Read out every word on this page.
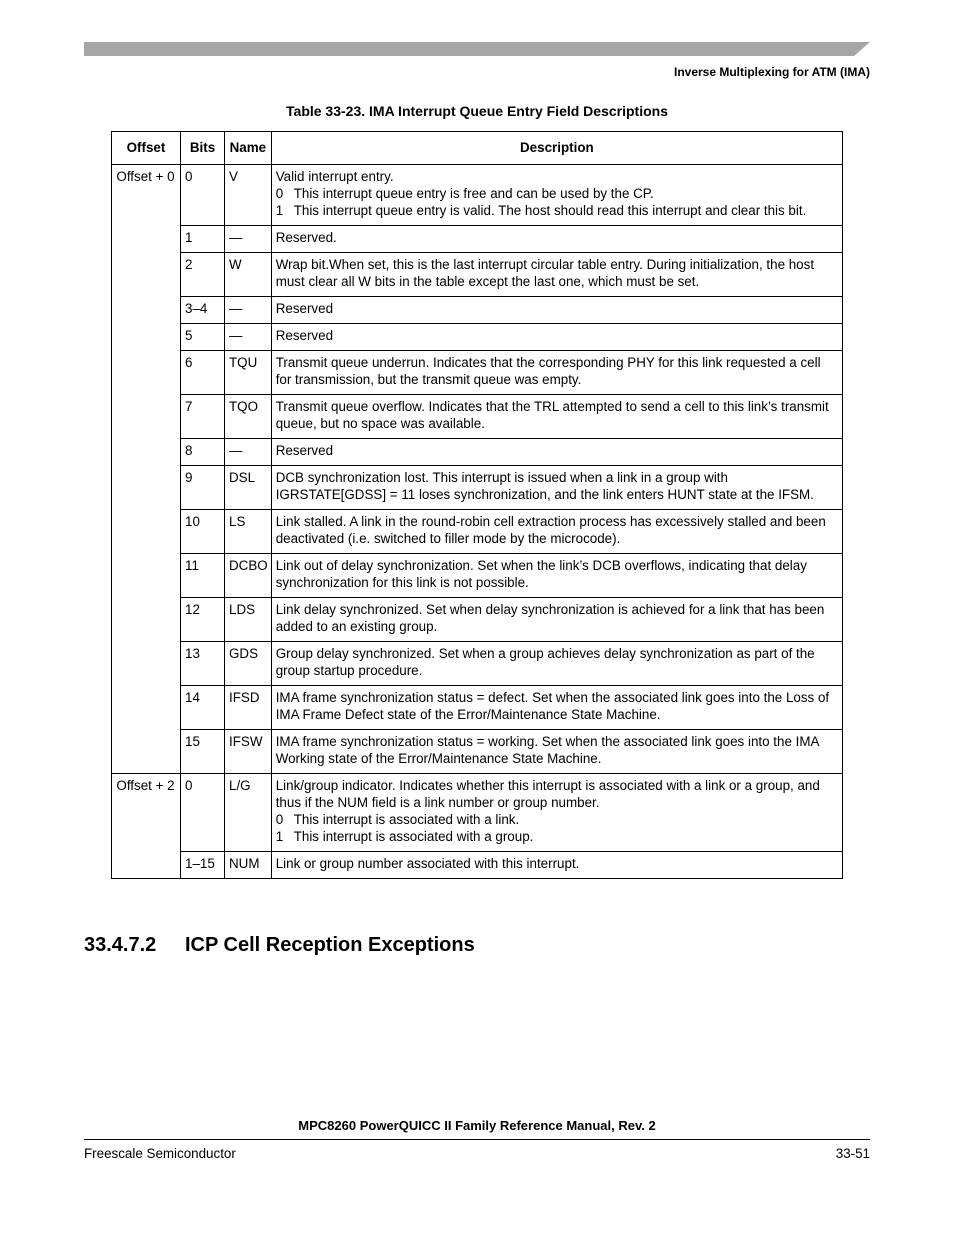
Inverse Multiplexing for ATM (IMA)
Table 33-23. IMA Interrupt Queue Entry Field Descriptions
Offset	Bits	Name	Description
Offset + 0	0	V	Valid interrupt entry.
0 This interrupt queue entry is free and can be used by the CP.
1 This interrupt queue entry is valid. The host should read this interrupt and clear this bit.

	1	—	Reserved.
	2	W	Wrap bit.When set, this is the last interrupt circular table entry. During initialization, the host must clear all W bits in the table except the last one, which must be set.
	3–4	—	Reserved
	5	—	Reserved
	6	TQU	Transmit queue underrun. Indicates that the corresponding PHY for this link requested a cell for transmission, but the transmit queue was empty.
	7	TQO	Transmit queue overflow. Indicates that the TRL attempted to send a cell to this link’s transmit queue, but no space was available.
	8	—	Reserved
	9	DSL	DCB synchronization lost. This interrupt is issued when a link in a group with IGRSTATE[GDSS] = 11 loses synchronization, and the link enters HUNT state at the IFSM.
	10	LS	Link stalled. A link in the round-robin cell extraction process has excessively stalled and been deactivated (i.e. switched to filler mode by the microcode).
	11	DCBO	Link out of delay synchronization. Set when the link’s DCB overflows, indicating that delay synchronization for this link is not possible.
	12	LDS	Link delay synchronized. Set when delay synchronization is achieved for a link that has been added to an existing group.
	13	GDS	Group delay synchronized. Set when a group achieves delay synchronization as part of the group startup procedure.
	14	IFSD	IMA frame synchronization status = defect. Set when the associated link goes into the Loss of IMA Frame Defect state of the Error/Maintenance State Machine.
	15	IFSW	IMA frame synchronization status = working. Set when the associated link goes into the IMA Working state of the Error/Maintenance State Machine.
Offset + 2	0	L/G	Link/group indicator. Indicates whether this interrupt is associated with a link or a group, and thus if the NUM field is a link number or group number.
0 This interrupt is associated with a link.
1 This interrupt is associated with a group.

	1–15	NUM	Link or group number associated with this interrupt.
33.4.7.2 ICP Cell Reception Exceptions
MPC8260 PowerQUICC II Family Reference Manual, Rev. 2
Freescale Semiconductor	33-51
